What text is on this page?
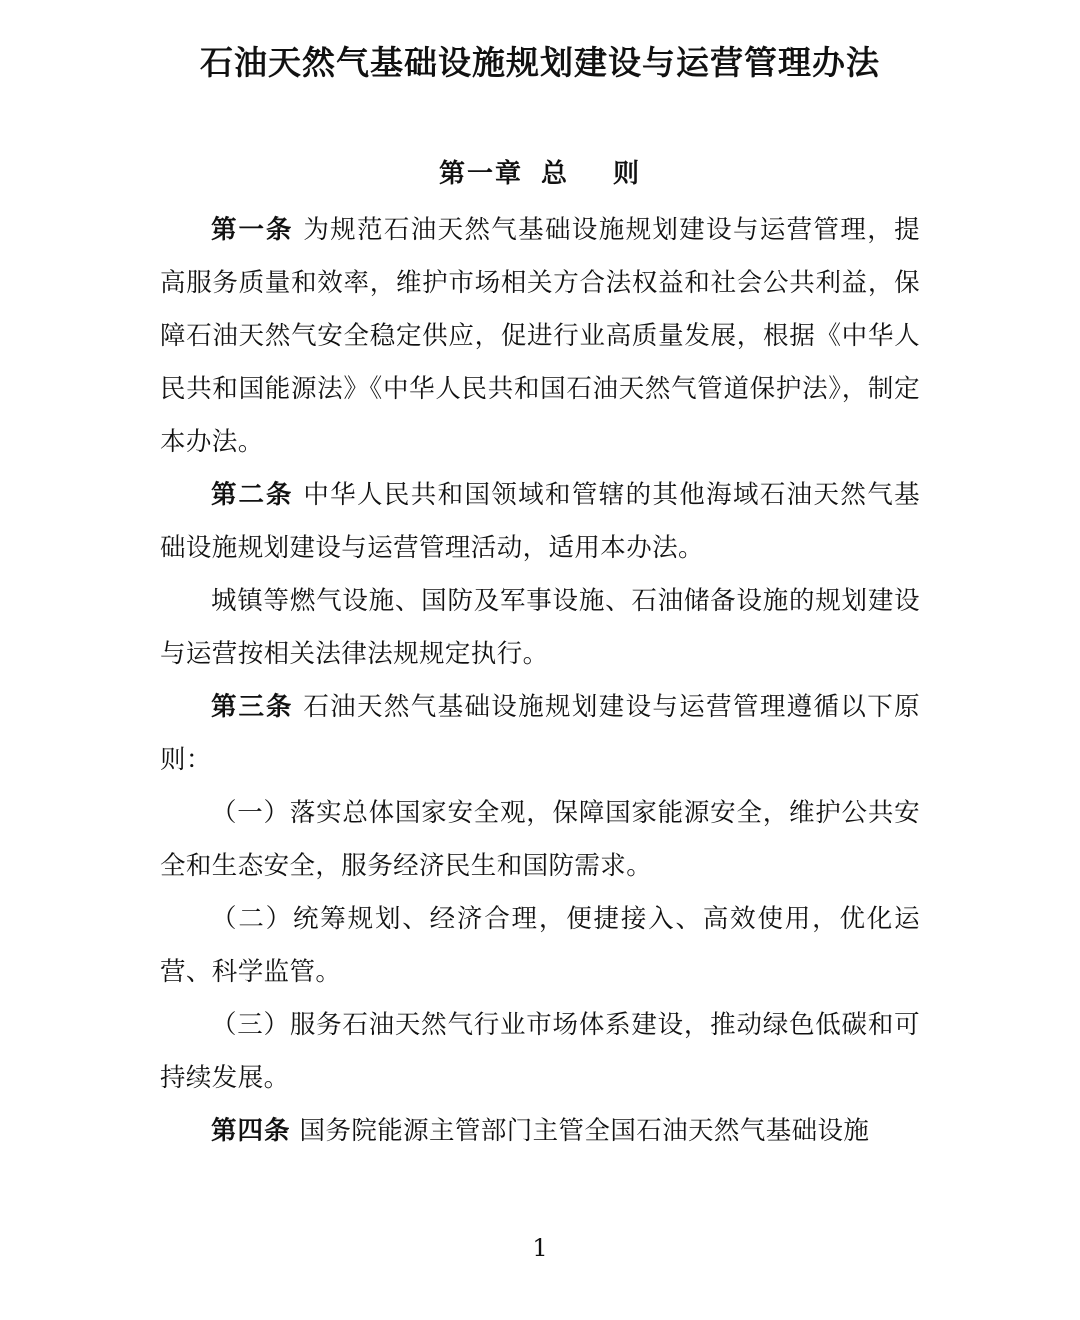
石油天然气基础设施规划建设与运营管理办法
第一章 总 则

第一条 为规范石油天然气基础设施规划建设与运营管理，提高服务质量和效率，维护市场相关方合法权益和社会公共利益，保障石油天然气安全稳定供应，促进行业高质量发展，根据《中华人民共和国能源法》《中华人民共和国石油天然气管道保护法》，制定本办法。

第二条 中华人民共和国领域和管辖的其他海域石油天然气基础设施规划建设与运营管理活动，适用本办法。

城镇等燃气设施、国防及军事设施、石油储备设施的规划建设与运营按相关法律法规规定执行。

第三条 石油天然气基础设施规划建设与运营管理遵循以下原则：

（一）落实总体国家安全观，保障国家能源安全，维护公共安全和生态安全，服务经济民生和国防需求。

（二）统筹规划、经济合理，便捷接入、高效使用，优化运营、科学监管。

（三）服务石油天然气行业市场体系建设，推动绿色低碳和可持续发展。

第四条 国务院能源主管部门主管全国石油天然气基础设施

1
